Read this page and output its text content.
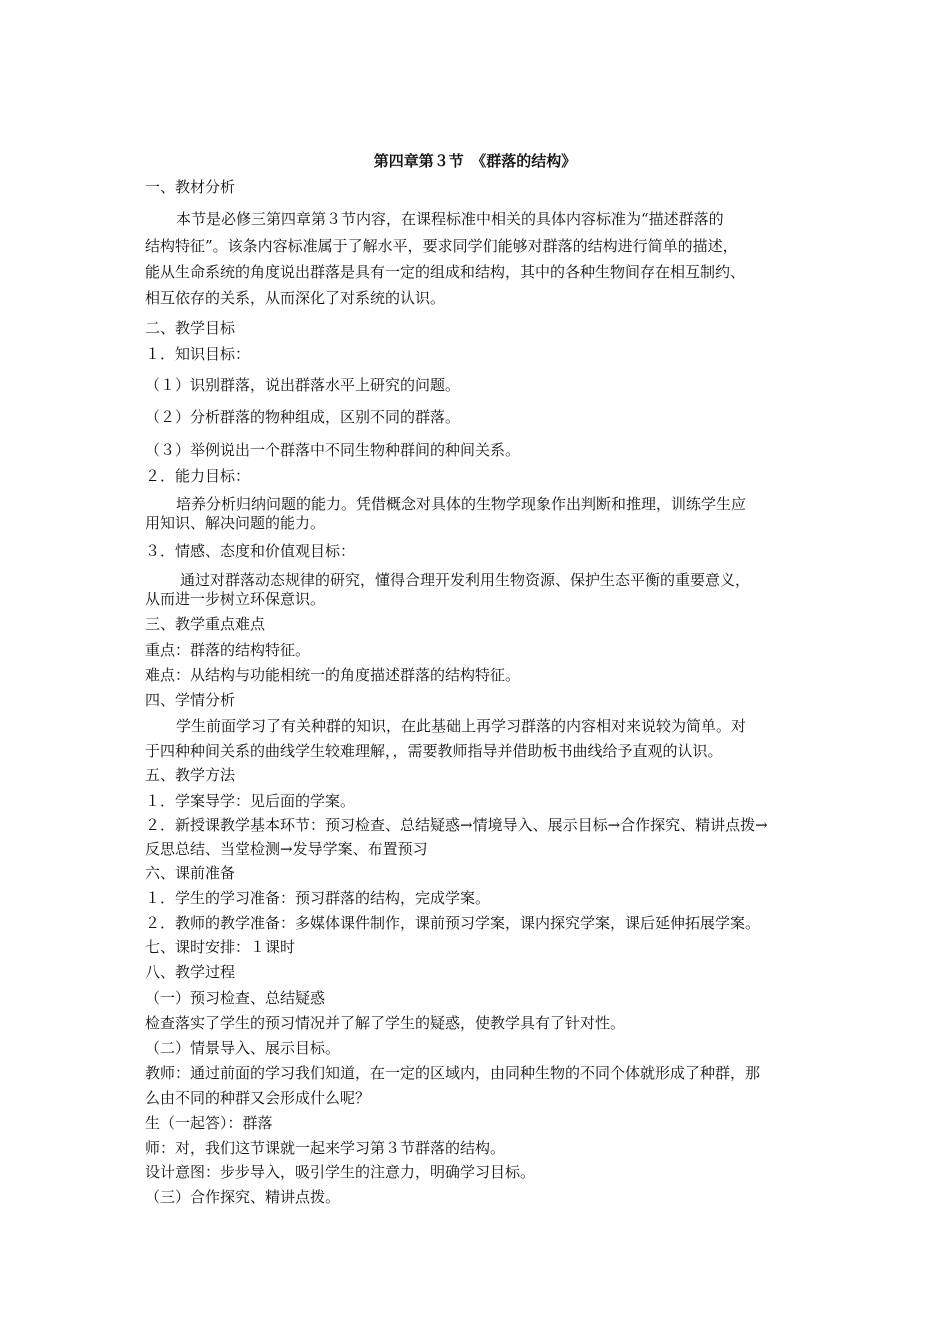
第四章第３节　《群落的结构》
一、教材分析
本节是必修三第四章第３节内容，在课程标准中相关的具体内容标准为“描述群落的
结构特征”。该条内容标准属于了解水平，要求同学们能够对群落的结构进行简单的描述，
能从生命系统的角度说出群落是具有一定的组成和结构，其中的各种生物间存在相互制约、
相互依存的关系，从而深化了对系统的认识。
二、教学目标
１．知识目标：
（１）识别群落，说出群落水平上研究的问题。
（２）分析群落的物种组成，区别不同的群落。
（３）举例说出一个群落中不同生物种群间的种间关系。
２．能力目标：
培养分析归纳问题的能力。凭借概念对具体的生物学现象作出判断和推理，训练学生应
用知识、解决问题的能力。
３．情感、态度和价值观目标：
通过对群落动态规律的研究，懂得合理开发利用生物资源、保护生态平衡的重要意义，
从而进一步树立环保意识。
三、教学重点难点
重点：群落的结构特征。
难点：从结构与功能相统一的角度描述群落的结构特征。
四、学情分析
学生前面学习了有关种群的知识，在此基础上再学习群落的内容相对来说较为简单。对
于四种种间关系的曲线学生较难理解，，需要教师指导并借助板书曲线给予直观的认识。
五、教学方法
１．学案导学：见后面的学案。
２．新授课教学基本环节：预习检查、总结疑惑→情境导入、展示目标→合作探究、精讲点拨→
反思总结、当堂检测→发导学案、布置预习
六、课前准备
１．学生的学习准备：预习群落的结构，完成学案。
２．教师的教学准备：多媒体课件制作，课前预习学案，课内探究学案，课后延伸拓展学案。
七、课时安排：１课时
八、教学过程
（一）预习检查、总结疑惑
检查落实了学生的预习情况并了解了学生的疑惑，使教学具有了针对性。
（二）情景导入、展示目标。
教师：通过前面的学习我们知道，在一定的区域内，由同种生物的不同个体就形成了种群，那
么由不同的种群又会形成什么呢？
生（一起答）：群落
师：对，我们这节课就一起来学习第３节群落的结构。
设计意图：步步导入，吸引学生的注意力，明确学习目标。
（三）合作探究、精讲点拨。
